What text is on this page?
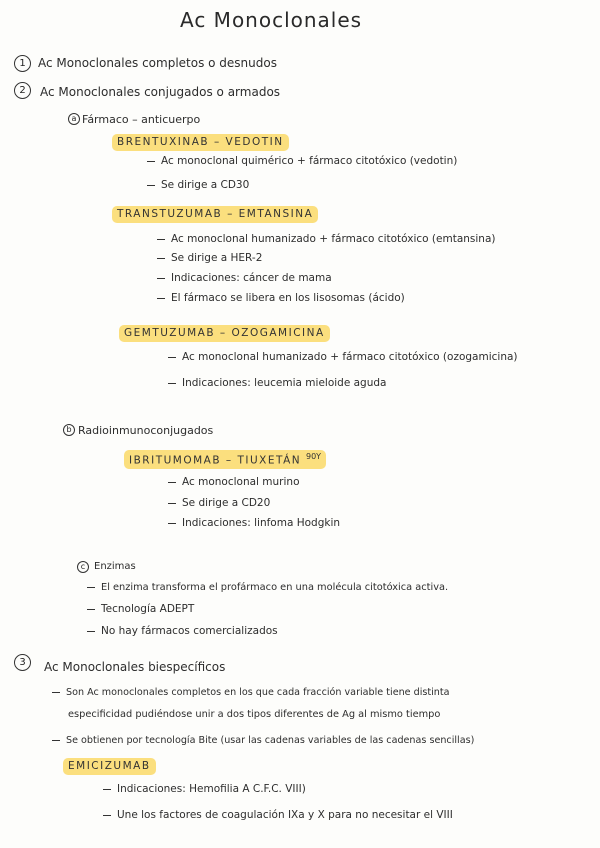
Ac Monoclonales
1	Ac Monoclonales completos o desnudos
2	Ac Monoclonales conjugados o armados
a Fármaco – anticuerpo
BRENTUXINAB – VEDOTIN
Ac monoclonal quimérico + fármaco citotóxico (vedotin)
Se dirige a CD30
TRANSTUZUMAB – EMTANSINA
Ac monoclonal humanizado + fármaco citotóxico (emtansina)
Se dirige a HER-2
Indicaciones: cáncer de mama
El fármaco se libera en los lisosomas (ácido)
GEMTUZUMAB – OZOGAMICINA
Ac monoclonal humanizado + fármaco citotóxico (ozogamicina)
Indicaciones: leucemia mieloide aguda
b Radioinmunoconjugados
IBRITUMOMAB – TIUXETÁN $^{90Y}$
Ac monoclonal murino
Se dirige a CD20
Indicaciones: linfoma Hodgkin
c Enzimas
El enzima transforma el profármaco en una molécula citotóxica activa.
Tecnología ADEPT
No hay fármacos comercializados
3	Ac Monoclonales biespecíficos
Son Ac monoclonales completos en los que cada fracción variable tiene distinta
especificidad pudiéndose unir a dos tipos diferentes de Ag al mismo tiempo
Se obtienen por tecnología Bite (usar las cadenas variables de las cadenas sencillas)
EMICIZUMAB
Indicaciones: Hemofilia A C.F.C. VIII)
Une los factores de coagulación IXa y X para no necesitar el VIII
